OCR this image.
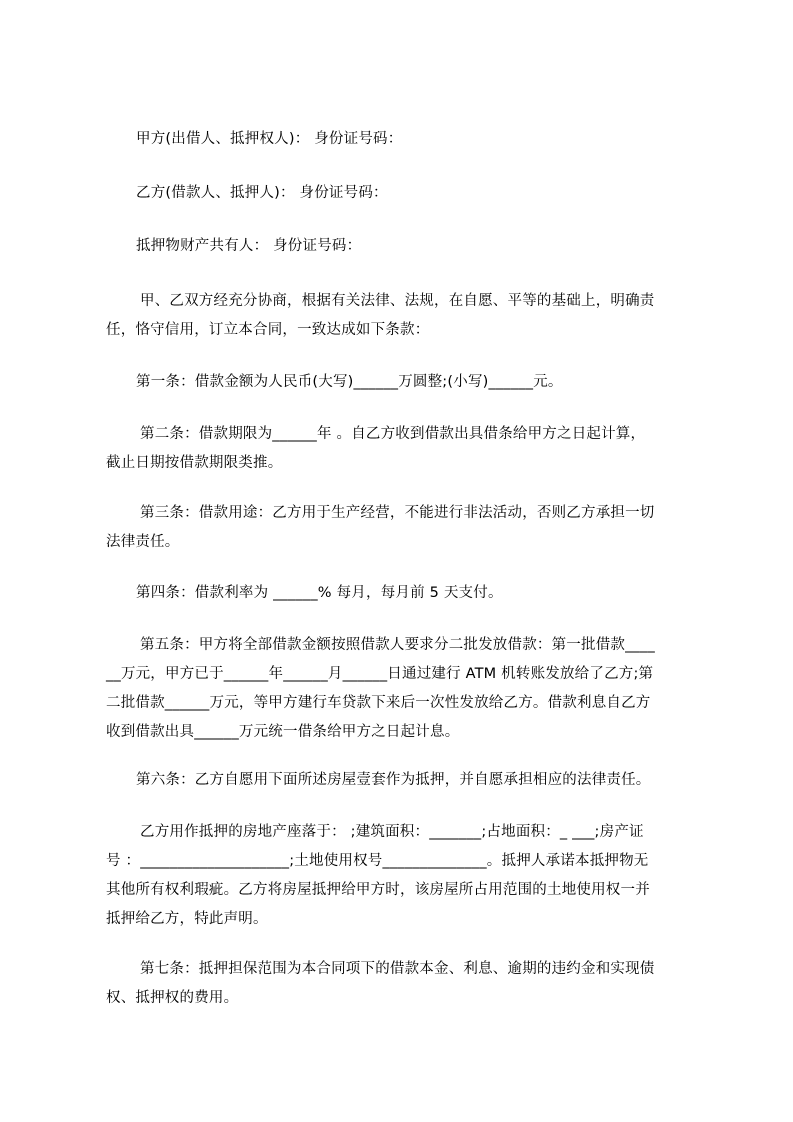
甲方(出借人、抵押权人)： 身份证号码：
乙方(借款人、抵押人)： 身份证号码：
抵押物财产共有人： 身份证号码：
甲、乙双方经充分协商，根据有关法律、法规，在自愿、平等的基础上，明确责
任，恪守信用，订立本合同，一致达成如下条款：
第一条：借款金额为人民币(大写)______万圆整;(小写)______元。
第二条：借款期限为______年 。自乙方收到借款出具借条给甲方之日起计算，
截止日期按借款期限类推。
第三条：借款用途：乙方用于生产经营，不能进行非法活动，否则乙方承担一切
法律责任。
第四条：借款利率为 ______% 每月，每月前 5 天支付。
第五条：甲方将全部借款金额按照借款人要求分二批发放借款：第一批借款____
__万元，甲方已于______年______月______日通过建行 ATM 机转账发放给了乙方;第
二批借款______万元，等甲方建行车贷款下来后一次性发放给乙方。借款利息自乙方
收到借款出具______万元统一借条给甲方之日起计息。
第六条：乙方自愿用下面所述房屋壹套作为抵押，并自愿承担相应的法律责任。
乙方用作抵押的房地产座落于： ;建筑面积：_______;占地面积：_ ___;房产证
号 ：____________________;土地使用权号______________。抵押人承诺本抵押物无
其他所有权利瑕疵。乙方将房屋抵押给甲方时，该房屋所占用范围的土地使用权一并
抵押给乙方，特此声明。
第七条：抵押担保范围为本合同项下的借款本金、利息、逾期的违约金和实现债
权、抵押权的费用。
